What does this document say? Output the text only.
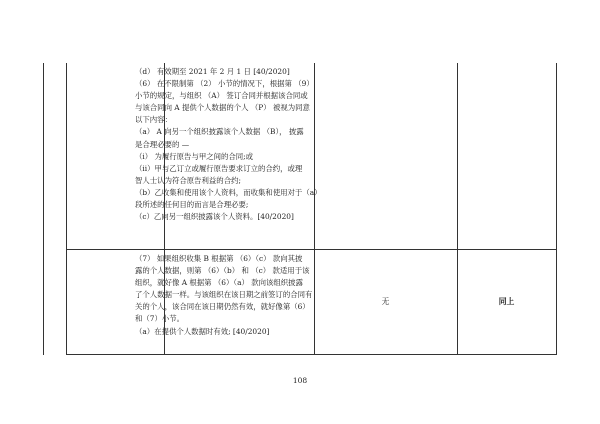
（d） 有效期至 2021 年 2 月 1 日 [40/2020]
（6） 在不限制第 （2） 小节的情况下，根据第 （9）
小节的规定，与组织 （A） 签订合同并根据该合同或
与该合同向 A 提供个人数据的个人 （P） 被视为同意
以下内容：
（a） A 向另一个组织披露该个人数据 （B）， 披露
是合理必要的 —
（i） 为履行原告与甲之间的合同;或
（ii）甲与乙订立或履行原告要求订立的合约，或理
智人士认为符合原告利益的合约;
（b）乙收集和使用该个人资料，而收集和使用对于（a）
段所述的任何目的而言是合理必要;
（c）乙向另一组织披露该个人资料。[40/2020]
（7） 如果组织收集 B 根据第 （6）（c） 款向其披
露的个人数据，则第 （6）（b） 和 （c） 款适用于该
组织，就好像 A 根据第 （6）（a） 款向该组织披露
了个人数据一样。与该组织在该日期之前签订的合同有
关的个人，该合同在该日期仍然有效，就好像第（6）
和（7）小节。
（a）在提供个人数据时有效; [40/2020]
无	同上
108
